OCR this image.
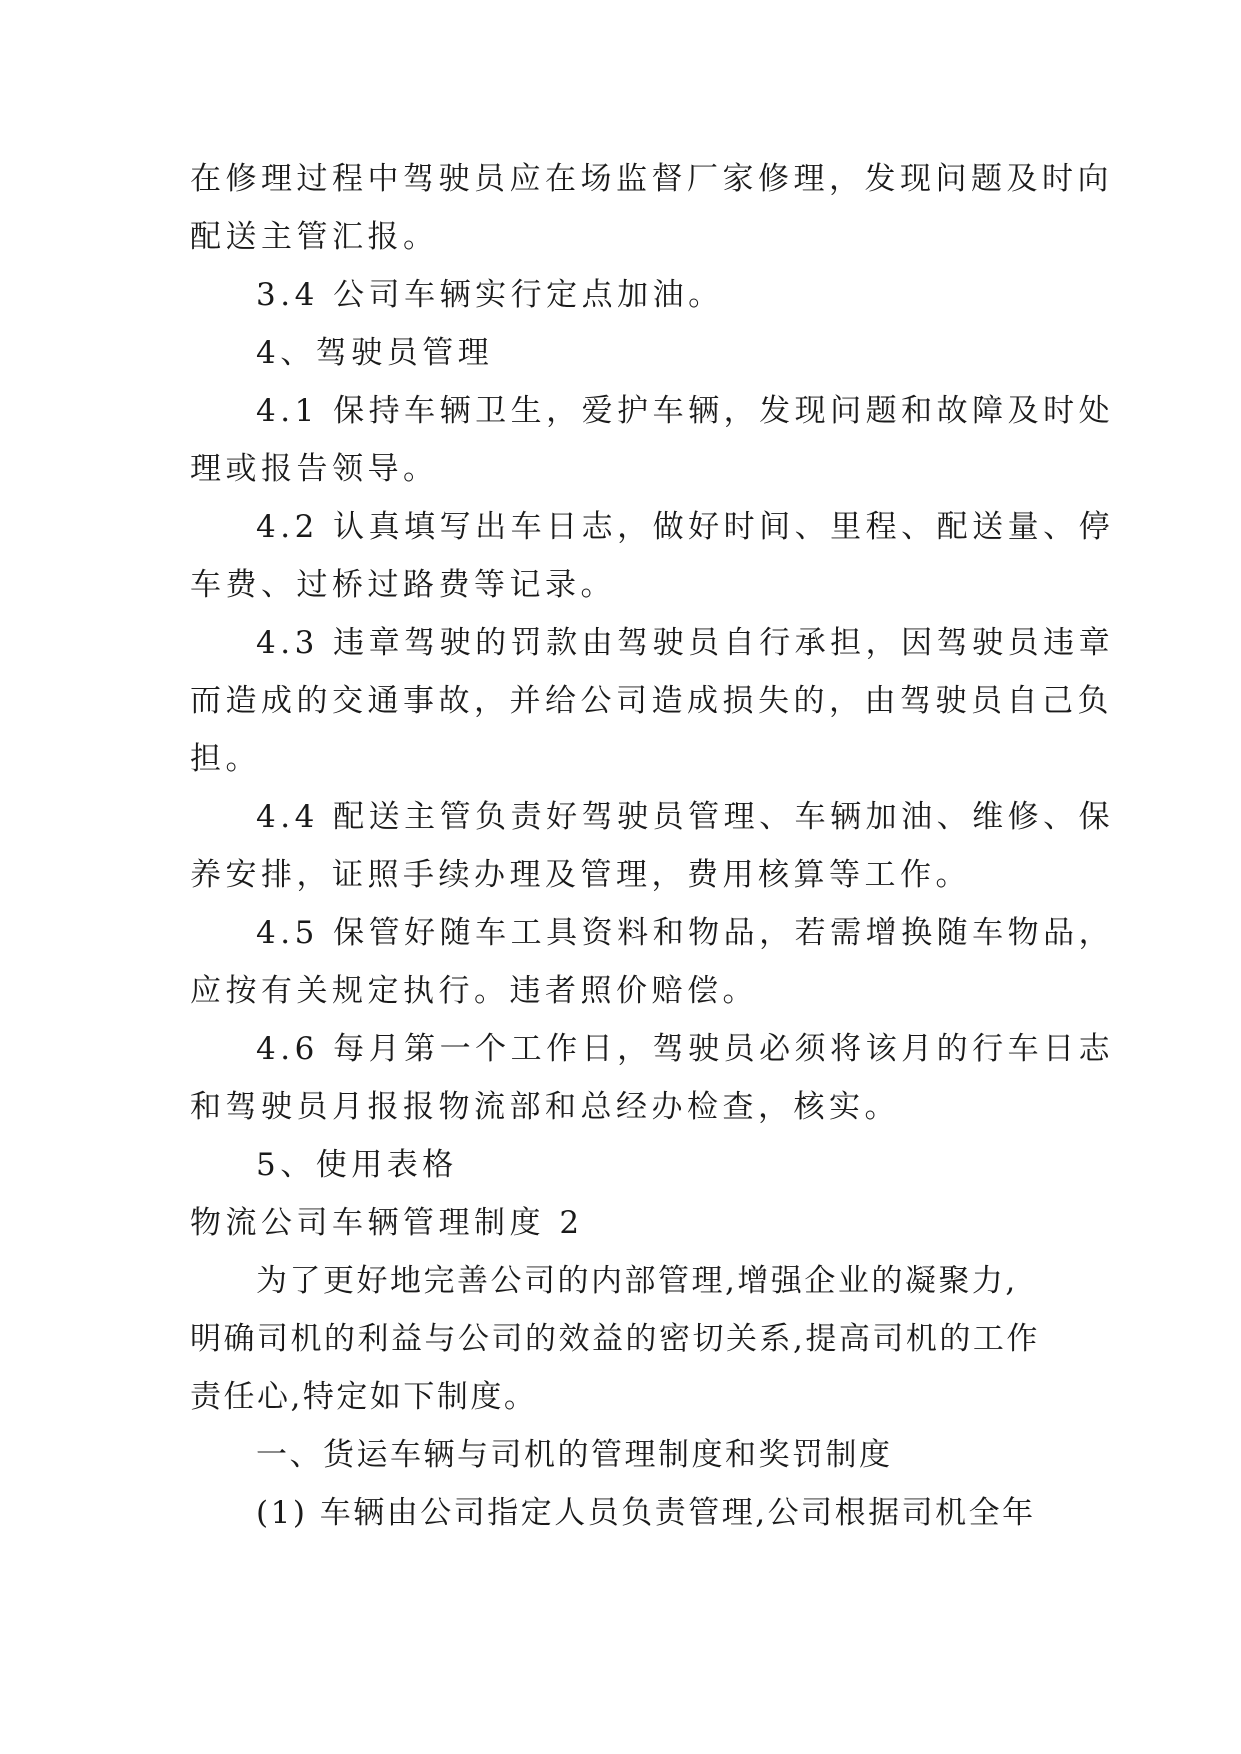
在修理过程中驾驶员应在场监督厂家修理，发现问题及时向
配送主管汇报。
3.4 公司车辆实行定点加油。
4、驾驶员管理
4.1 保持车辆卫生，爱护车辆，发现问题和故障及时处
理或报告领导。
4.2 认真填写出车日志，做好时间、里程、配送量、停
车费、过桥过路费等记录。
4.3 违章驾驶的罚款由驾驶员自行承担，因驾驶员违章
而造成的交通事故，并给公司造成损失的，由驾驶员自己负
担。
4.4 配送主管负责好驾驶员管理、车辆加油、维修、保
养安排，证照手续办理及管理，费用核算等工作。
4.5 保管好随车工具资料和物品，若需增换随车物品，
应按有关规定执行。违者照价赔偿。
4.6 每月第一个工作日，驾驶员必须将该月的行车日志
和驾驶员月报报物流部和总经办检查，核实。
5、使用表格
物流公司车辆管理制度 2
为了更好地完善公司的内部管理,增强企业的凝聚力,
明确司机的利益与公司的效益的密切关系,提高司机的工作
责任心,特定如下制度。
一、货运车辆与司机的管理制度和奖罚制度
(1) 车辆由公司指定人员负责管理,公司根据司机全年
